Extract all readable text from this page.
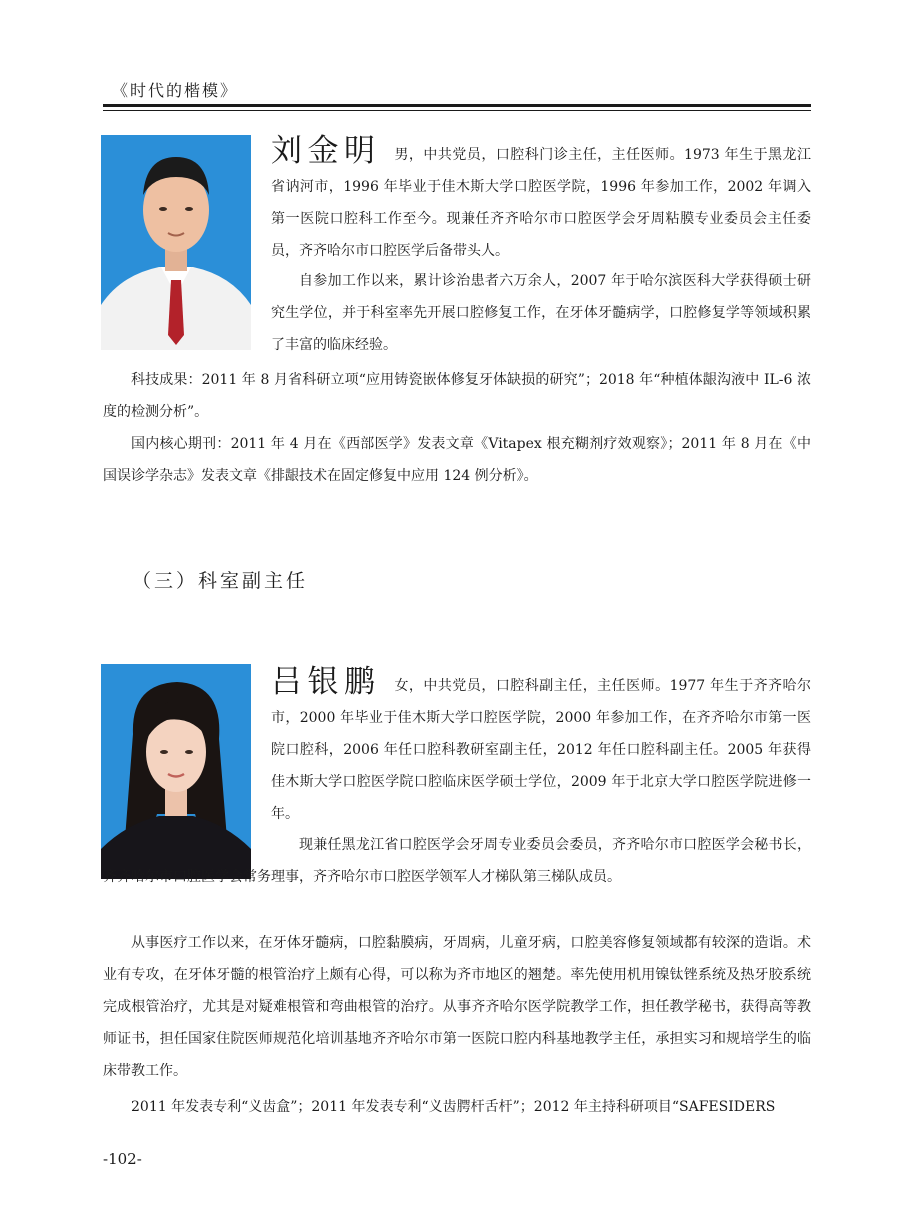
《时代的楷模》

刘金明 男，中共党员，口腔科门诊主任，主任医师。1973 年生于黑龙江省讷河市，1996 年毕业于佳木斯大学口腔医学院，1996 年参加工作，2002 年调入第一医院口腔科工作至今。现兼任齐齐哈尔市口腔医学会牙周粘膜专业委员会主任委员，齐齐哈尔市口腔医学后备带头人。

自参加工作以来，累计诊治患者六万余人，2007 年于哈尔滨医科大学获得硕士研究生学位，并于科室率先开展口腔修复工作，在牙体牙髓病学，口腔修复学等领域积累了丰富的临床经验。

科技成果：2011 年 8 月省科研立项“应用铸瓷嵌体修复牙体缺损的研究”；2018 年“种植体龈沟液中 IL-6 浓度的检测分析”。

国内核心期刊：2011 年 4 月在《西部医学》发表文章《Vitapex 根充糊剂疗效观察》；2011 年 8 月在《中国误诊学杂志》发表文章《排龈技术在固定修复中应用 124 例分析》。

（三）科室副主任

吕银鹏 女，中共党员，口腔科副主任，主任医师。1977 年生于齐齐哈尔市，2000 年毕业于佳木斯大学口腔医学院，2000 年参加工作，在齐齐哈尔市第一医院口腔科，2006 年任口腔科教研室副主任，2012 年任口腔科副主任。2005 年获得佳木斯大学口腔医学院口腔临床医学硕士学位，2009 年于北京大学口腔医学院进修一年。

现兼任黑龙江省口腔医学会牙周专业委员会委员，齐齐哈尔市口腔医学会秘书长，齐齐哈尔市口腔医学会常务理事，齐齐哈尔市口腔医学领军人才梯队第三梯队成员。

从事医疗工作以来，在牙体牙髓病，口腔黏膜病，牙周病，儿童牙病，口腔美容修复领域都有较深的造诣。术业有专攻，在牙体牙髓的根管治疗上颇有心得，可以称为齐市地区的翘楚。率先使用机用镍钛锉系统及热牙胶系统完成根管治疗，尤其是对疑难根管和弯曲根管的治疗。从事齐齐哈尔医学院教学工作，担任教学秘书，获得高等教师证书，担任国家住院医师规范化培训基地齐齐哈尔市第一医院口腔内科基地教学主任，承担实习和规培学生的临床带教工作。

2011 年发表专利“义齿盒”；2011 年发表专利“义齿腭杆舌杆”；2012 年主持科研项目“SAFESIDERS

-102-
